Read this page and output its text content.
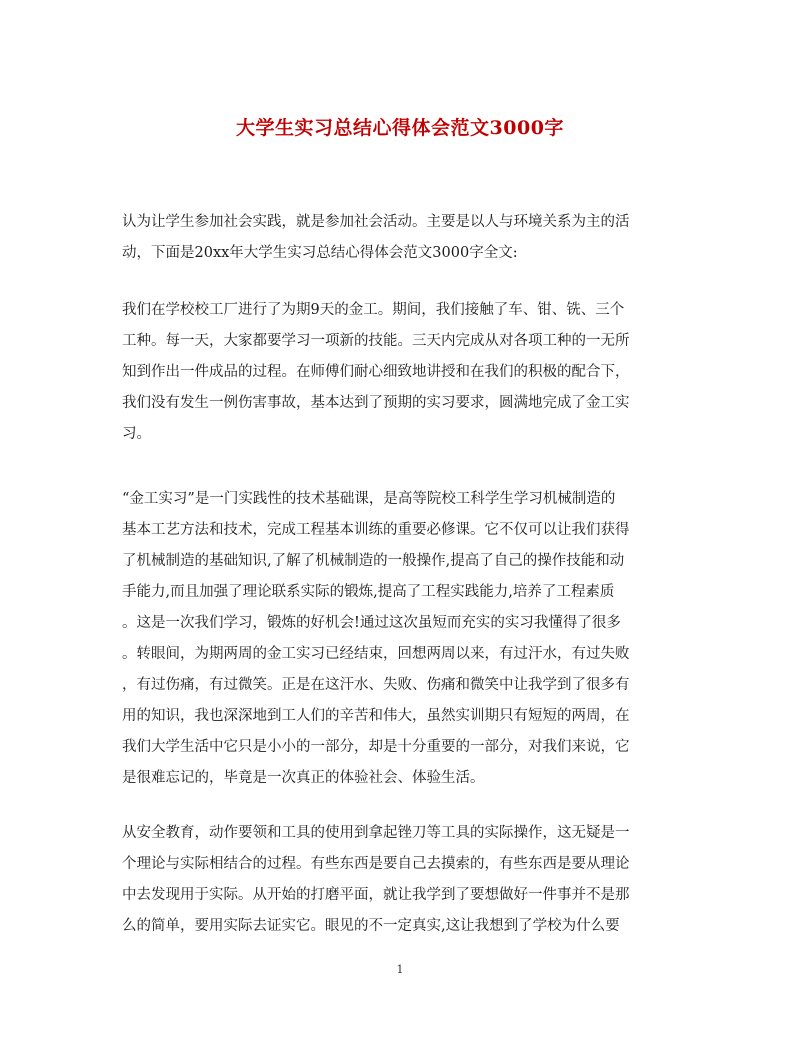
大学生实习总结心得体会范文3000字
认为让学生参加社会实践，就是参加社会活动。主要是以人与环境关系为主的活
动，下面是20xx年大学生实习总结心得体会范文3000字全文:
我们在学校校工厂进行了为期9天的金工。期间，我们接触了车、钳、铣、三个
工种。每一天，大家都要学习一项新的技能。三天内完成从对各项工种的一无所
知到作出一件成品的过程。在师傅们耐心细致地讲授和在我们的积极的配合下，
我们没有发生一例伤害事故，基本达到了预期的实习要求，圆满地完成了金工实
习。
“金工实习”是一门实践性的技术基础课，是高等院校工科学生学习机械制造的
基本工艺方法和技术，完成工程基本训练的重要必修课。它不仅可以让我们获得
了机械制造的基础知识,了解了机械制造的一般操作,提高了自己的操作技能和动
手能力,而且加强了理论联系实际的锻炼,提高了工程实践能力,培养了工程素质
。这是一次我们学习，锻炼的好机会!通过这次虽短而充实的实习我懂得了很多
。转眼间，为期两周的金工实习已经结束，回想两周以来，有过汗水，有过失败
，有过伤痛，有过微笑。正是在这汗水、失败、伤痛和微笑中让我学到了很多有
用的知识，我也深深地到工人们的辛苦和伟大，虽然实训期只有短短的两周，在
我们大学生活中它只是小小的一部分，却是十分重要的一部分，对我们来说，它
是很难忘记的，毕竟是一次真正的体验社会、体验生活。
从安全教育，动作要领和工具的使用到拿起锉刀等工具的实际操作，这无疑是一
个理论与实际相结合的过程。有些东西是要自己去摸索的，有些东西是要从理论
中去发现用于实际。从开始的打磨平面，就让我学到了要想做好一件事并不是那
么的简单，要用实际去证实它。眼见的不一定真实,这让我想到了学校为什么要
1
